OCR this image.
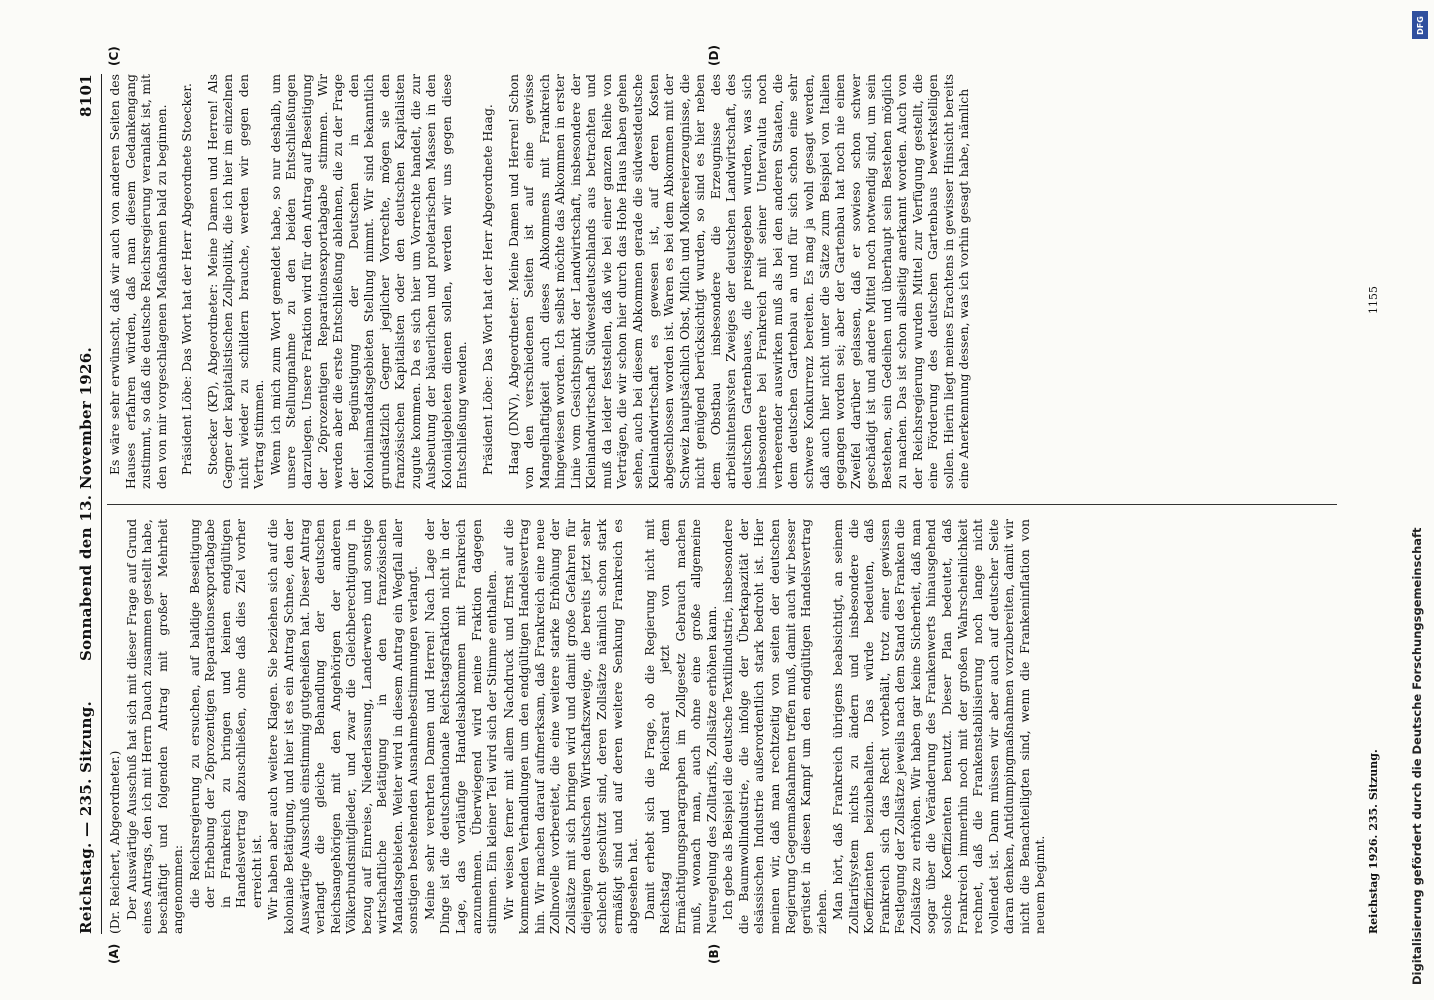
Reichstag. — 235. Sitzung.
Sonnabend den 13. November 1926.
8101
(A)	(B)
(C)	(D)

(Dr. Reichert, Abgeordneter.) Der Auswärtige Ausschuß hat sich mit dieser Frage auf Grund eines Antrags, den ich mit Herrn Dauch zusammen gestellt habe, beschäftigt und folgenden Antrag mit großer Mehrheit angenommen: die Reichsregierung zu ersuchen, auf baldige Beseitigung der Erhebung der 26prozentigen Reparationsexportabgabe in Frankreich zu bringen und keinen endgültigen Handelsvertrag abzuschließen, ohne daß dies Ziel vorher erreicht ist. Wir haben aber auch weitere Klagen. Sie beziehen sich auf die koloniale Betätigung, und hier ist es ein Antrag Schnee, den der Auswärtige Ausschuß einstimmig gutgeheißen hat. Dieser Antrag verlangt die gleiche Behandlung der deutschen Reichsangehörigen mit den Angehörigen der anderen Völkerbundsmitglieder, und zwar die Gleichberechtigung in bezug auf Einreise, Niederlassung, Landerwerb und sonstige wirtschaftliche Betätigung in den französischen Mandatsgebieten. Weiter wird in diesem Antrag ein Wegfall aller sonstigen bestehenden Ausnahmebestimmungen verlangt. Meine sehr verehrten Damen und Herren! Nach Lage der Dinge ist die deutschnationale Reichstagsfraktion nicht in der Lage, das vorläufige Handelsabkommen mit Frankreich anzunehmen. Überwiegend wird meine Fraktion dagegen stimmen. Ein kleiner Teil wird sich der Stimme enthalten. Wir weisen ferner mit allem Nachdruck und Ernst auf die kommenden Verhandlungen um den endgültigen Handelsvertrag hin. Wir machen darauf aufmerksam, daß Frankreich eine neue Zollnovelle vorbereitet, die eine weitere starke Erhöhung der Zollsätze mit sich bringen wird und damit große Gefahren für diejenigen deutschen Wirtschaftszweige, die bereits jetzt sehr schlecht geschützt sind, deren Zollsätze nämlich schon stark ermäßigt sind und auf deren weitere Senkung Frankreich es abgesehen hat. Damit erhebt sich die Frage, ob die Regierung nicht mit Reichstag und Reichsrat jetzt von dem Ermächtigungsparagraphen im Zollgesetz Gebrauch machen muß, wonach man, auch ohne eine große allgemeine Neuregelung des Zolltarifs, Zollsätze erhöhen kann. Ich gebe als Beispiel die deutsche Textilindustrie, insbesondere die Baumwollindustrie, die infolge der Überkapazität der elsässischen Industrie außerordentlich stark bedroht ist. Hier meinen wir, daß man rechtzeitig von seiten der deutschen Regierung Gegenmaßnahmen treffen muß, damit auch wir besser gerüstet in diesen Kampf um den endgültigen Handelsvertrag ziehen. Man hört, daß Frankreich übrigens beabsichtigt, an seinem Zolltarifsystem nichts zu ändern und insbesondere die Koeffizienten beizubehalten. Das würde bedeuten, daß Frankreich sich das Recht vorbehält, trotz einer gewissen Festlegung der Zollsätze jeweils nach dem Stand des Franken die Zollsätze zu erhöhen. Wir haben gar keine Sicherheit, daß man sogar über die Veränderung des Frankenwerts hinausgehend solche Koeffizienten benutzt. Dieser Plan bedeutet, daß Frankreich immerhin noch mit der großen Wahrscheinlichkeit rechnet, daß die Frankenstabilisierung noch lange nicht vollendet ist. Dann müssen wir aber auch auf deutscher Seite daran denken, Antidumpingmaßnahmen vorzubereiten, damit wir nicht die Benachteiligten sind, wenn die Frankeninflation von neuem beginnt.

Es wäre sehr erwünscht, daß wir auch von anderen Seiten des Hauses erfahren würden, daß man diesem Gedankengang zustimmt, so daß die deutsche Reichsregierung veranlaßt ist, mit den von mir vorgeschlagenen Maßnahmen bald zu beginnen. Präsident Löbe: Das Wort hat der Herr Abgeordnete Stoecker. Stoecker (KP), Abgeordneter: Meine Damen und Herren! Als Gegner der kapitalistischen Zollpolitik, die ich hier im einzelnen nicht wieder zu schildern brauche, werden wir gegen den Vertrag stimmen. Wenn ich mich zum Wort gemeldet habe, so nur deshalb, um unsere Stellungnahme zu den beiden Entschließungen darzulegen. Unsere Fraktion wird für den Antrag auf Beseitigung der 26prozentigen Reparationsexportabgabe stimmen. Wir werden aber die erste Entschließung ablehnen, die zu der Frage der Begünstigung der Deutschen in den Kolonialmandatsgebieten Stellung nimmt. Wir sind bekanntlich grundsätzlich Gegner jeglicher Vorrechte, mögen sie den französischen Kapitalisten oder den deutschen Kapitalisten zugute kommen. Da es sich hier um Vorrechte handelt, die zur Ausbeutung der bäuerlichen und proletarischen Massen in den Kolonialgebieten dienen sollen, werden wir uns gegen diese Entschließung wenden. Präsident Löbe: Das Wort hat der Herr Abgeordnete Haag. Haag (DNV), Abgeordneter: Meine Damen und Herren! Schon von den verschiedenen Seiten ist auf eine gewisse Mangelhaftigkeit auch dieses Abkommens mit Frankreich hingewiesen worden. Ich selbst möchte das Abkommen in erster Linie vom Gesichtspunkt der Landwirtschaft, insbesondere der Kleinlandwirtschaft Südwestdeutschlands aus betrachten und muß da leider feststellen, daß wie bei einer ganzen Reihe von Verträgen, die wir schon hier durch das Hohe Haus haben gehen sehen, auch bei diesem Abkommen gerade die südwestdeutsche Kleinlandwirtschaft es gewesen ist, auf deren Kosten abgeschlossen worden ist. Waren es bei dem Abkommen mit der Schweiz hauptsächlich Obst, Milch und Molkereierzeugnisse, die nicht genügend berücksichtigt wurden, so sind es hier neben dem Obstbau insbesondere die Erzeugnisse des arbeitsintensivsten Zweiges der deutschen Landwirtschaft, des deutschen Gartenbaues, die preisgegeben wurden, was sich insbesondere bei Frankreich mit seiner Untervaluta noch verheerender auswirken muß als bei den anderen Staaten, die dem deutschen Gartenbau an und für sich schon eine sehr schwere Konkurrenz bereiten. Es mag ja wohl gesagt werden, daß auch hier nicht unter die Sätze zum Beispiel von Italien gegangen worden sei; aber der Gartenbau hat noch nie einen Zweifel darüber gelassen, daß er sowieso schon schwer geschädigt ist und andere Mittel noch notwendig sind, um sein Bestehen, sein Gedeihen und überhaupt sein Bestehen möglich zu machen. Das ist schon allseitig anerkannt worden. Auch von der Reichsregierung wurden Mittel zur Verfügung gestellt, die eine Förderung des deutschen Gartenbaus bewerkstelligen sollen. Hierin liegt meines Erachtens in gewisser Hinsicht bereits eine Anerkennung dessen, was ich vorhin gesagt habe, nämlich

Reichstag 1926. 235. Sitzung.
1155
DFG
Digitalisierung gefördert durch die Deutsche Forschungsgemeinschaft
